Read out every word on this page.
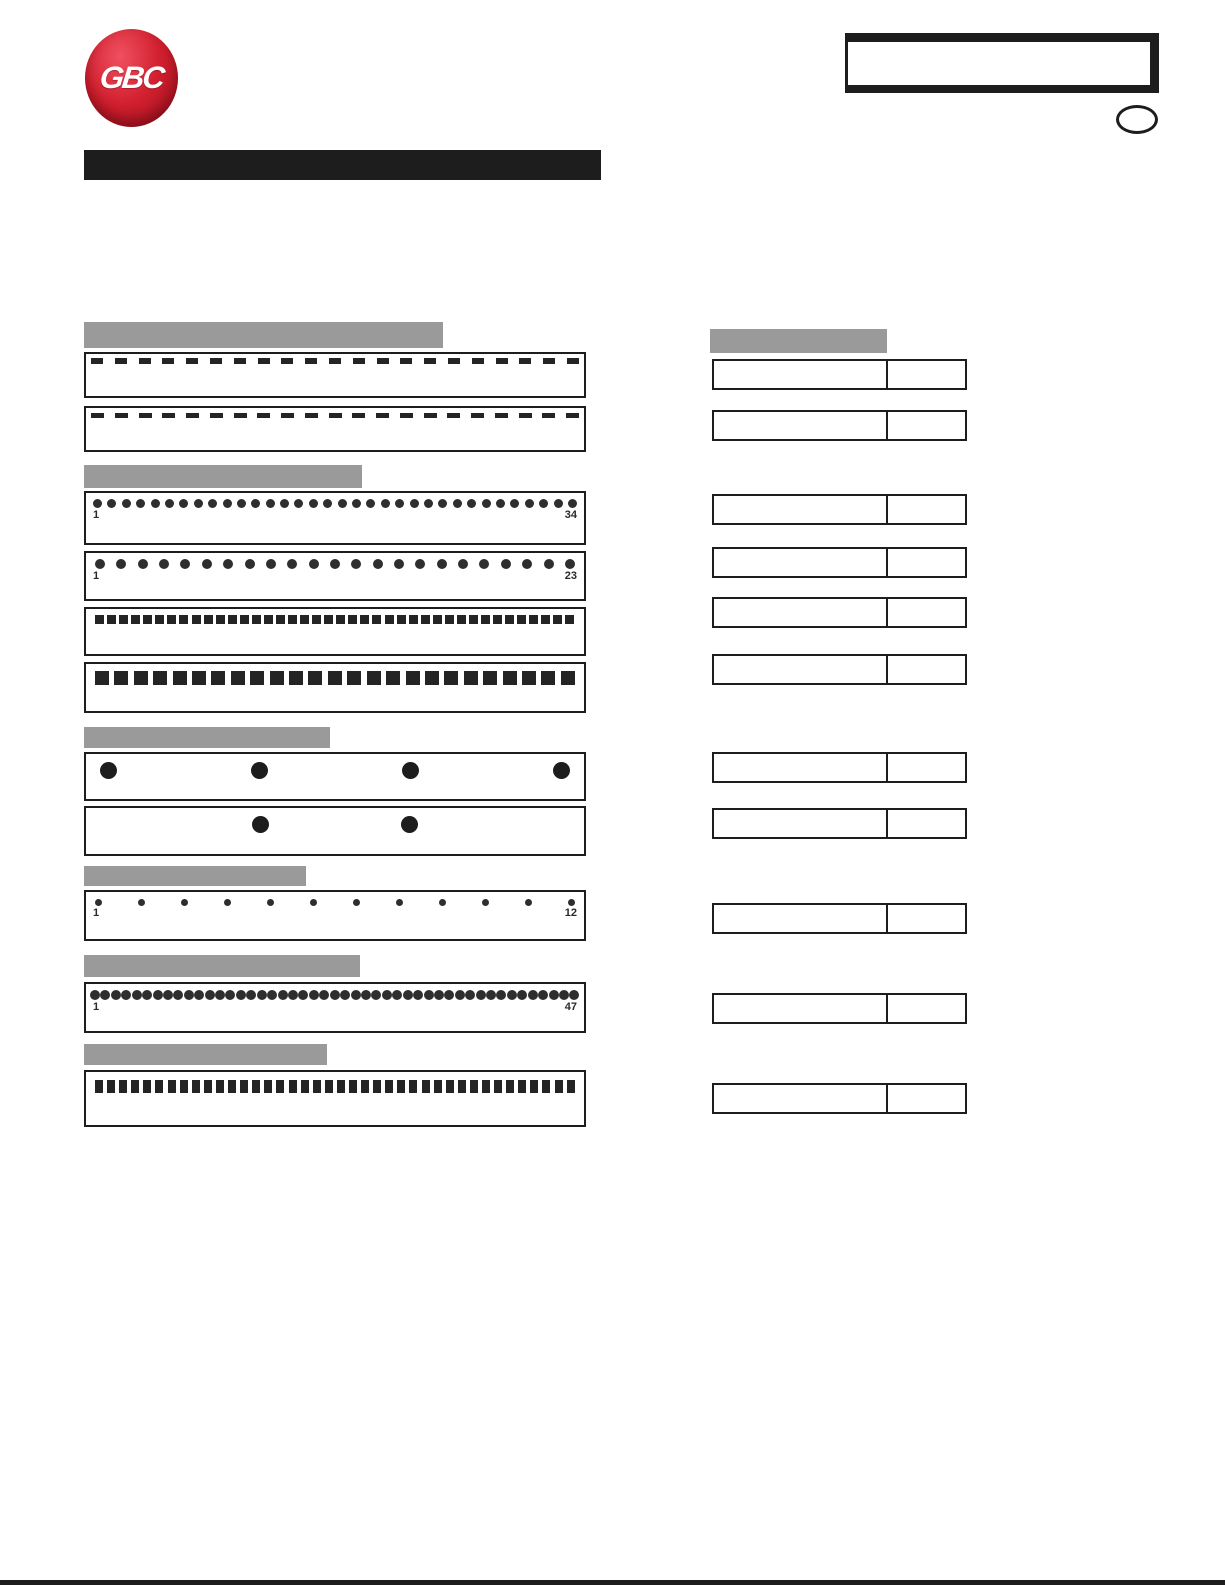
GBC
1	34
1	23
1	12
1	47
